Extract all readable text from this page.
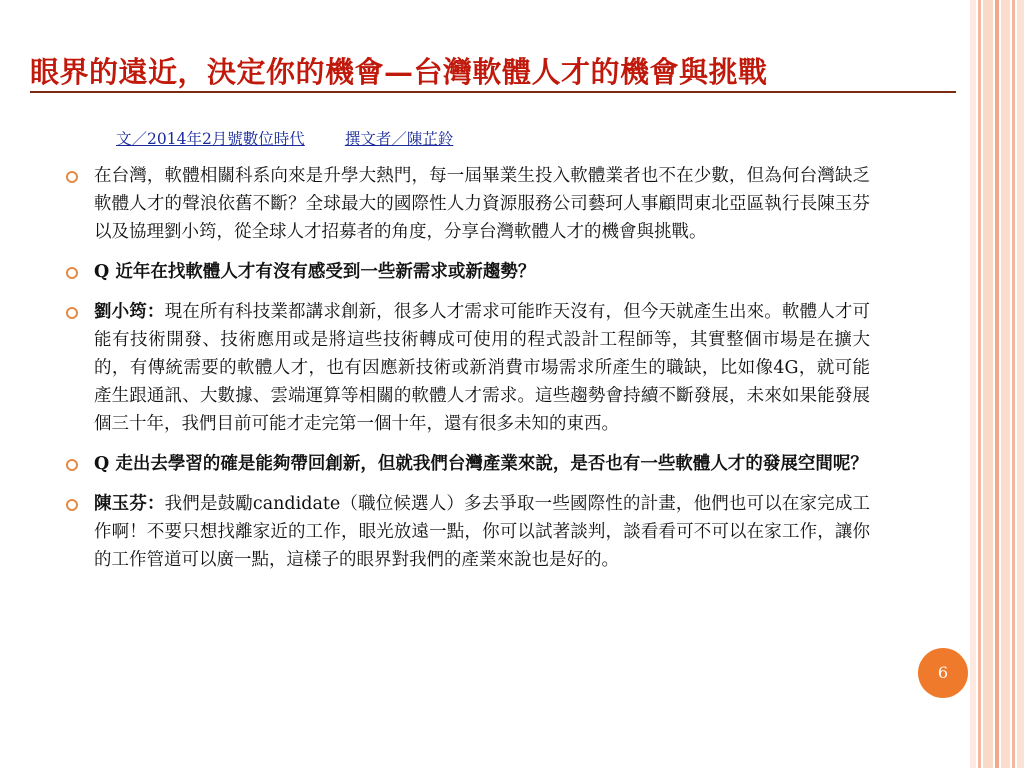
眼界的遠近，決定你的機會—台灣軟體人才的機會與挑戰
文／2014年2月號數位時代	撰文者／陳芷鈴
在台灣，軟體相關科系向來是升學大熱門，每一屆畢業生投入軟體業者也不在少數，但為何台灣缺乏軟體人才的聲浪依舊不斷？全球最大的國際性人力資源服務公司藝珂人事顧問東北亞區執行長陳玉芬以及協理劉小筠，從全球人才招募者的角度，分享台灣軟體人才的機會與挑戰。
Q 近年在找軟體人才有沒有感受到一些新需求或新趨勢？
劉小筠：現在所有科技業都講求創新，很多人才需求可能昨天沒有，但今天就產生出來。軟體人才可能有技術開發、技術應用或是將這些技術轉成可使用的程式設計工程師等，其實整個市場是在擴大的，有傳統需要的軟體人才，也有因應新技術或新消費市場需求所產生的職缺，比如像4G，就可能產生跟通訊、大數據、雲端運算等相關的軟體人才需求。這些趨勢會持續不斷發展，未來如果能發展個三十年，我們目前可能才走完第一個十年，還有很多未知的東西。
Q 走出去學習的確是能夠帶回創新，但就我們台灣產業來說，是否也有一些軟體人才的發展空間呢？
陳玉芬：我們是鼓勵candidate（職位候選人）多去爭取一些國際性的計畫，他們也可以在家完成工作啊！不要只想找離家近的工作，眼光放遠一點，你可以試著談判，談看看可不可以在家工作，讓你的工作管道可以廣一點，這樣子的眼界對我們的產業來說也是好的。
6
